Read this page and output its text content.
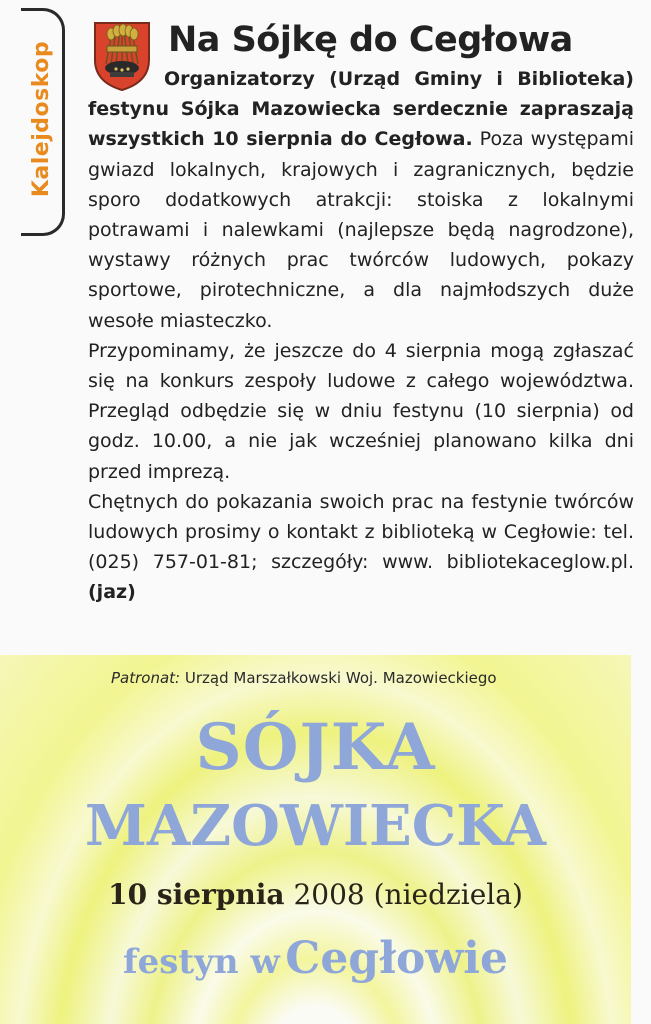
Kalejdoskop
Na Sójkę do Cegłowa

Organizatorzy (Urząd Gminy i Biblioteka) festynu Sójka Mazowiecka serdecznie zapraszają wszystkich 10 sierpnia do Cegłowa. Poza występami gwiazd lokalnych, krajowych i zagranicznych, będzie sporo dodatkowych atrakcji: stoiska z lokalnymi potrawami i nalewkami (najlepsze będą nagrodzone), wystawy różnych prac twórców ludowych, pokazy sportowe, pirotechniczne, a dla najmłodszych duże wesołe miasteczko.

Przypominamy, że jeszcze do 4 sierpnia mogą zgłaszać się na konkurs zespoły ludowe z całego województwa. Przegląd odbędzie się w dniu festynu (10 sierpnia) od godz. 10.00, a nie jak wcześniej planowano kilka dni przed imprezą.

Chętnych do pokazania swoich prac na festynie twórców ludowych prosimy o kontakt z biblioteką w Cegłowie: tel.(025) 757-01-81; szczegóły: www. bibliotekaceglow.pl. (jaz)

Patronat: Urząd Marszałkowski Woj. Mazowieckiego
SÓJKA
MAZOWIECKA
10 sierpnia 2008 (niedziela)
festyn w Cegłowie
